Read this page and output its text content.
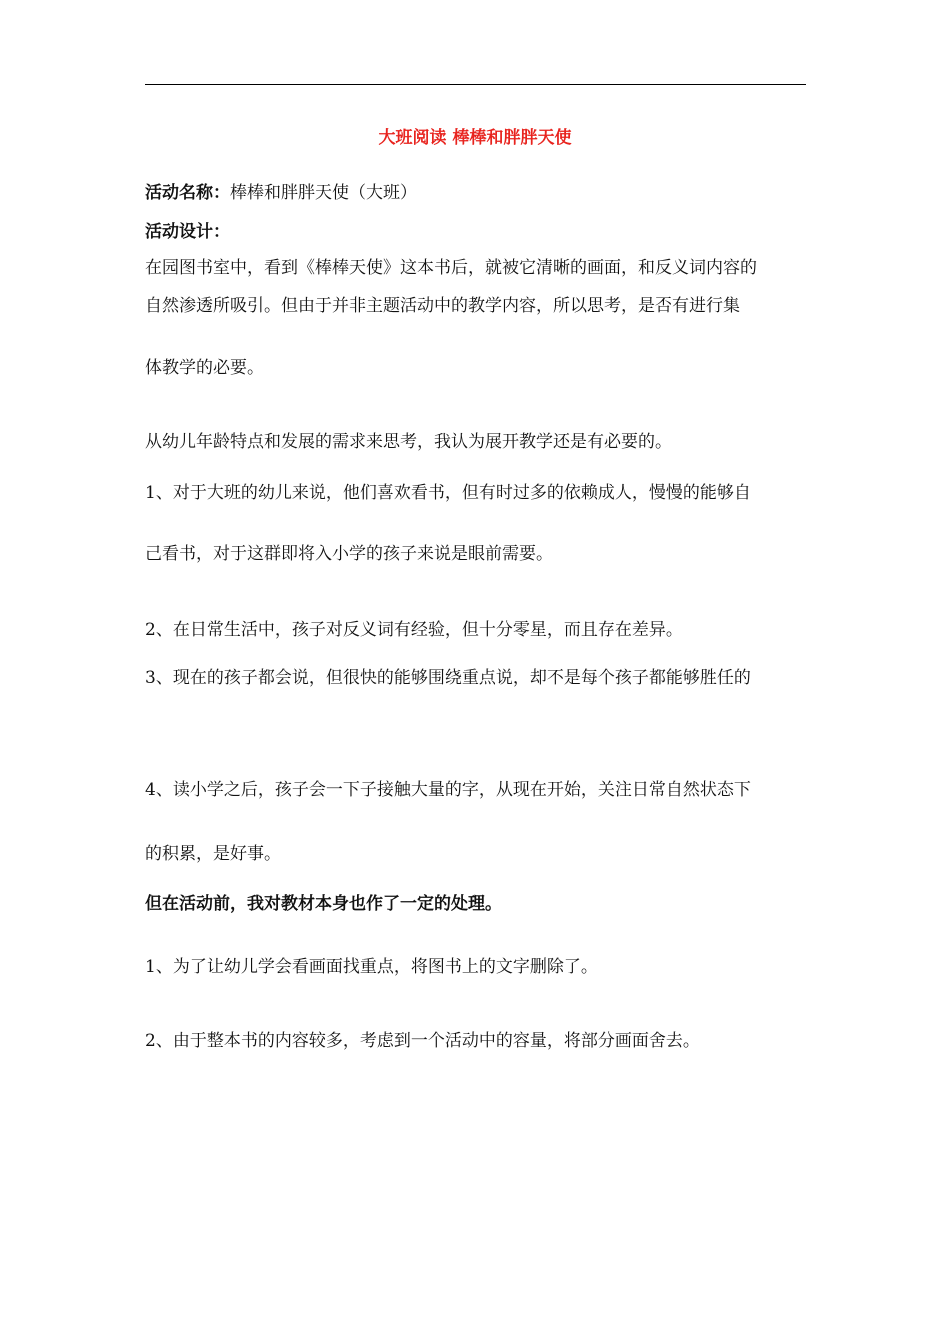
大班阅读 棒棒和胖胖天使
活动名称：棒棒和胖胖天使（大班）
活动设计：
在园图书室中，看到《棒棒天使》这本书后，就被它清晰的画面，和反义词内容的
自然渗透所吸引。但由于并非主题活动中的教学内容，所以思考，是否有进行集
体教学的必要。
从幼儿年龄特点和发展的需求来思考，我认为展开教学还是有必要的。
1、对于大班的幼儿来说，他们喜欢看书，但有时过多的依赖成人，慢慢的能够自
己看书，对于这群即将入小学的孩子来说是眼前需要。
2、在日常生活中，孩子对反义词有经验，但十分零星，而且存在差异。
3、现在的孩子都会说，但很快的能够围绕重点说，却不是每个孩子都能够胜任的
4、读小学之后，孩子会一下子接触大量的字，从现在开始，关注日常自然状态下
的积累，是好事。
但在活动前，我对教材本身也作了一定的处理。
1、为了让幼儿学会看画面找重点，将图书上的文字删除了。
2、由于整本书的内容较多，考虑到一个活动中的容量，将部分画面舍去。
